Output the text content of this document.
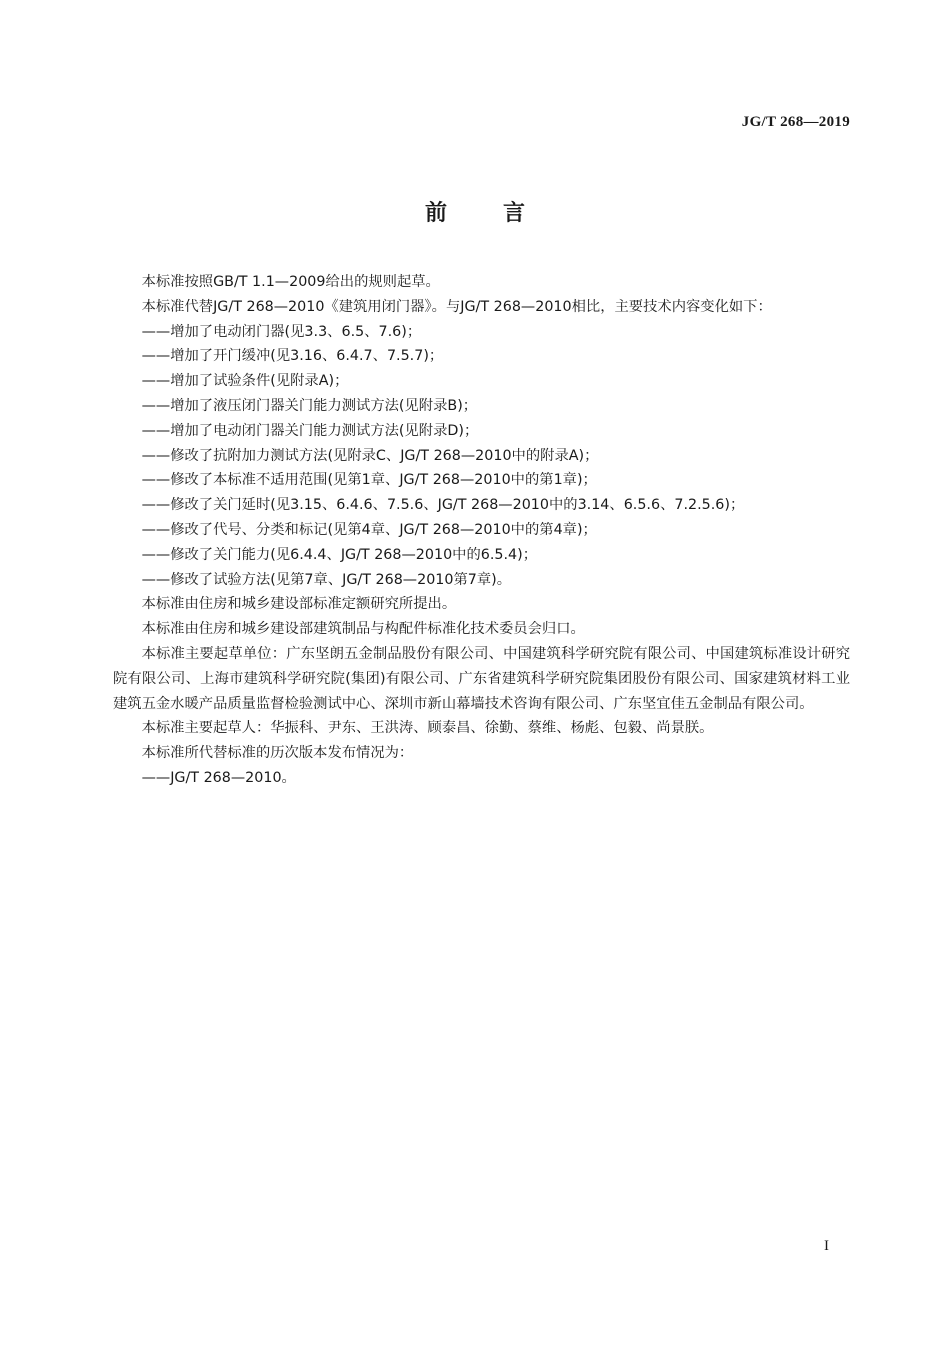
JG/T 268—2019
前言

本标准按照GB/T 1.1—2009给出的规则起草。

本标准代替JG/T 268—2010《建筑用闭门器》。与JG/T 268—2010相比，主要技术内容变化如下：

——增加了电动闭门器(见3.3、6.5、7.6)；
——增加了开门缓冲(见3.16、6.4.7、7.5.7)；
——增加了试验条件(见附录A)；
——增加了液压闭门器关门能力测试方法(见附录B)；
——增加了电动闭门器关门能力测试方法(见附录D)；
——修改了抗附加力测试方法(见附录C、JG/T 268—2010中的附录A)；
——修改了本标准不适用范围(见第1章、JG/T 268—2010中的第1章)；
——修改了关门延时(见3.15、6.4.6、7.5.6、JG/T 268—2010中的3.14、6.5.6、7.2.5.6)；
——修改了代号、分类和标记(见第4章、JG/T 268—2010中的第4章)；
——修改了关门能力(见6.4.4、JG/T 268—2010中的6.5.4)；
——修改了试验方法(见第7章、JG/T 268—2010第7章)。

本标准由住房和城乡建设部标准定额研究所提出。

本标准由住房和城乡建设部建筑制品与构配件标准化技术委员会归口。

本标准主要起草单位：广东坚朗五金制品股份有限公司、中国建筑科学研究院有限公司、中国建筑标准设计研究院有限公司、上海市建筑科学研究院(集团)有限公司、广东省建筑科学研究院集团股份有限公司、国家建筑材料工业建筑五金水暖产品质量监督检验测试中心、深圳市新山幕墙技术咨询有限公司、广东坚宜佳五金制品有限公司。

本标准主要起草人：华振科、尹东、王洪涛、顾泰昌、徐勤、蔡维、杨彪、包毅、尚景朕。

本标准所代替标准的历次版本发布情况为：

——JG/T 268—2010。

I
